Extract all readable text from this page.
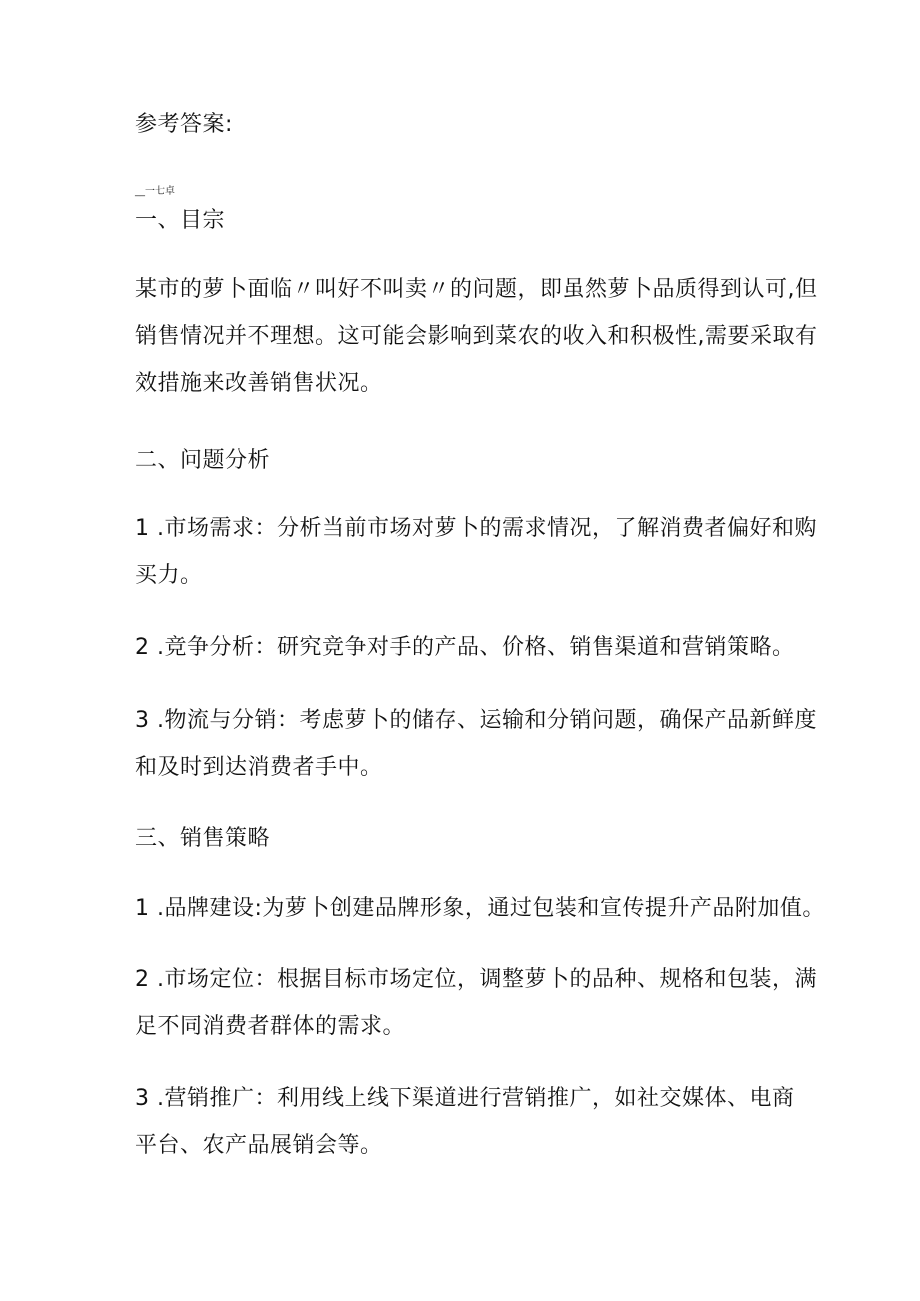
参考答案:
__一七卓
一、目宗
某市的萝卜面临〃叫好不叫卖〃的问题，即虽然萝卜品质得到认可,但
销售情况并不理想。这可能会影响到菜农的收入和积极性,需要采取有
效措施来改善销售状况。
二、问题分析
1 .市场需求：分析当前市场对萝卜的需求情况，了解消费者偏好和购
买力。
2 .竞争分析：研究竞争对手的产品、价格、销售渠道和营销策略。
3 .物流与分销：考虑萝卜的储存、运输和分销问题，确保产品新鲜度
和及时到达消费者手中。
三、销售策略
1 .品牌建设:为萝卜创建品牌形象，通过包装和宣传提升产品附加值。
2 .市场定位：根据目标市场定位，调整萝卜的品种、规格和包装，满
足不同消费者群体的需求。
3 .营销推广：利用线上线下渠道进行营销推广，如社交媒体、电商
平台、农产品展销会等。
